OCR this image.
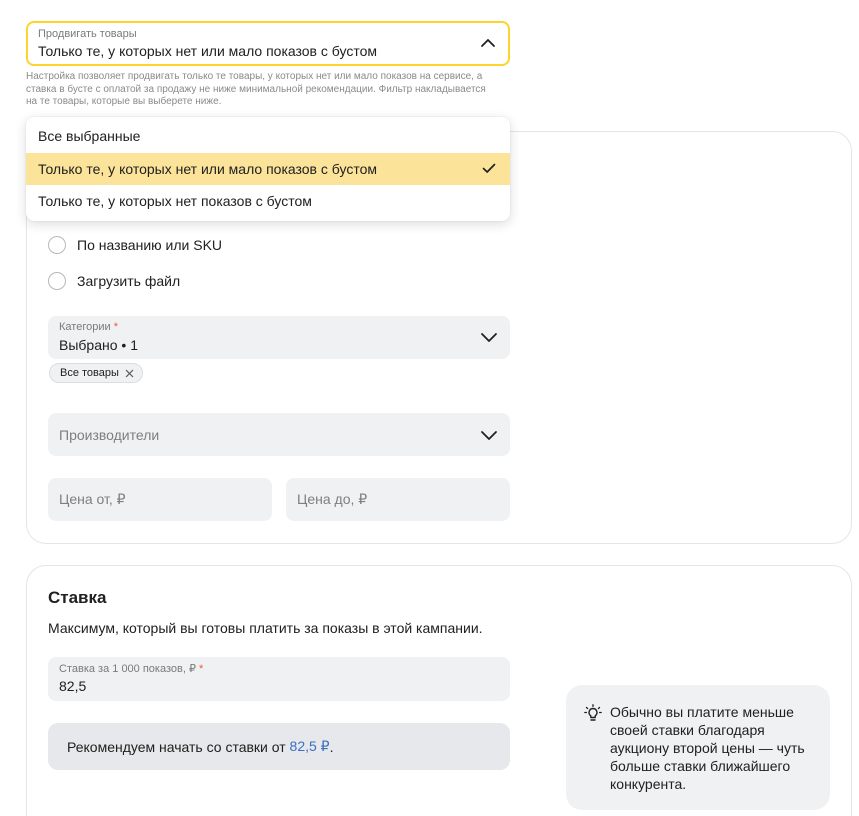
Продвигать товары
Только те, у которых нет или мало показов с бустом
Настройка позволяет продвигать только те товары, у которых нет или мало показов на сервисе, а ставка в бусте с оплатой за продажу не ниже минимальной рекомендации. Фильтр накладывается на те товары, которые вы выберете ниже.
По названию или SKU
Загрузить файл
Категории *
Выбрано • 1
Все товары
Производители
Цена от, ₽	Цена до, ₽
Ставка
Максимум, который вы готовы платить за показы в этой кампании.
Ставка за 1 000 показов, ₽ *
82,5
Рекомендуем начать со ставки от
82,5 ₽ .
Обычно вы платите меньше своей ставки благодаря аукциону второй цены — чуть больше ставки ближайшего конкурента.
Все выбранные
Только те, у которых нет или мало показов с бустом
Только те, у которых нет показов с бустом
